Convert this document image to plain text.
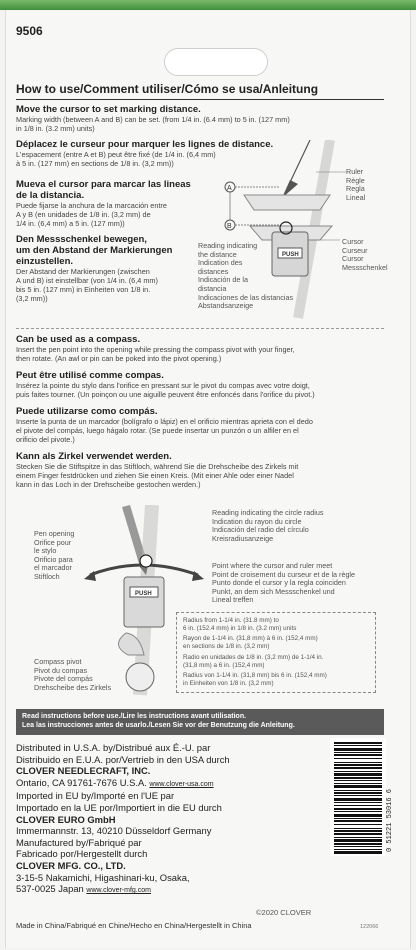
9506
How to use/Comment utiliser/Cómo se usa/Anleitung
Move the cursor to set marking distance.
Marking width (between A and B) can be set. (from 1/4 in. (6.4 mm) to 5 in. (127 mm)
in 1/8 in. (3.2 mm) units)
Déplacez le curseur pour marquer les lignes de distance.
L'espacement (entre A et B) peut être fixé (de 1/4 in. (6,4 mm)
à 5 in. (127 mm) en sections de 1/8 in. (3,2 mm))
Mueva el cursor para marcar las lineas
de la distancia.
Puede fijarse la anchura de la marcación entre
A y B (en unidades de 1/8 in. (3,2 mm) de
1/4 in. (6,4 mm) a 5 in. (127 mm))
Den Messschenkel bewegen,
um den Abstand der Markierungen
einzustellen.
Der Abstand der Markierungen (zwischen
A und B) ist einstellbar (von 1/4 in. (6,4 mm)
bis 5 in. (127 mm) in Einheiten von 1/8 in.
(3,2 mm))
PUSH
A
B
Ruler
Règle
Regla
Lineal
Cursor
Curseur
Cursor
Messschenkel
Reading indicating
the distance
Indication des
distances
Indicación de la
distancia
Indicaciones de las distancias
Abstandsanzeige
Can be used as a compass.
Insert the pen point into the opening while pressing the compass pivot with your finger,
then rotate. (An awl or pin can be poked into the pivot opening.)
Peut être utilisé comme compas.
Insérez la pointe du stylo dans l'orifice en pressant sur le pivot du compas avec votre doigt,
puis faites tourner. (Un poinçon ou une aiguille peuvent être enfoncés dans l'orifice du pivot.)
Puede utilizarse como compás.
Inserte la punta de un marcador (bolígrafo o lápiz) en el orificio mientras aprieta con el dedo
el pivote del compás, luego hágalo rotar. (Se puede insertar un punzón o un alfiler en el
orificio del pivote.)
Kann als Zirkel verwendet werden.
Stecken Sie die Stiftspitze in das Stiftloch, während Sie die Drehscheibe des Zirkels mit
einem Finger festdrücken und ziehen Sie einen Kreis. (Mit einer Ahle oder einer Nadel
kann in das Loch in der Drehscheibe gestochen werden.)
PUSH
Pen opening
Orifice pour
le stylo
Orificio para
el marcador
Stiftloch
Reading indicating the circle radius
Indication du rayon du circle
Indicación del radio del círculo
Kreisradiusanzeige
Point where the cursor and ruler meet
Point de croisement du curseur et de la règle
Punto donde el cursor y la regla coinciden
Punkt, an dem sich Messschenkel und
Lineal treffen
Compass pivot
Pivot du compas
Pivote del compás
Drehscheibe des Zirkels
Radius from 1-1/4 in. (31.8 mm) to
6 in. (152.4 mm) in 1/8 in. (3.2 mm) units
Rayon de 1-1/4 in. (31,8 mm) à 6 in. (152,4 mm)
en sections de 1/8 in. (3,2 mm)
Radio en unidades de 1/8 in. (3,2 mm) de 1-1/4 in.
(31,8 mm) a 6 in. (152,4 mm)
Radius von 1-1/4 in. (31,8 mm) bis 6 in. (152,4 mm)
in Einheiten von 1/8 in. (3,2 mm)
Read instructions before use./Lire les instructions avant utilisation.
Lea las instrucciones antes de usarlo./Lesen Sie vor der Benutzung die Anleitung.
Distributed in U.S.A. by/Distribué aux É.-U. par
Distribuido en E.U.A. por/Vertrieb in den USA durch
CLOVER NEEDLECRAFT, INC.
Ontario, CA 91761-7676 U.S.A. www.clover-usa.com
Imported in EU by/Importé en l'UE par
Importado en la UE por/Importiert in die EU durch
CLOVER EURO GmbH
Immermannstr. 13, 40210 Düsseldorf Germany
Manufactured by/Fabriqué par
Fabricado por/Hergestellt durch
CLOVER MFG. CO., LTD.
3-15-5 Nakamichi, Higashinari-ku, Osaka,
537-0025 Japan www.clover-mfg.com
0 51221 53016 6
©2020 CLOVER
Made in China/Fabriqué en Chine/Hecho en China/Hergestellt in China	122066
